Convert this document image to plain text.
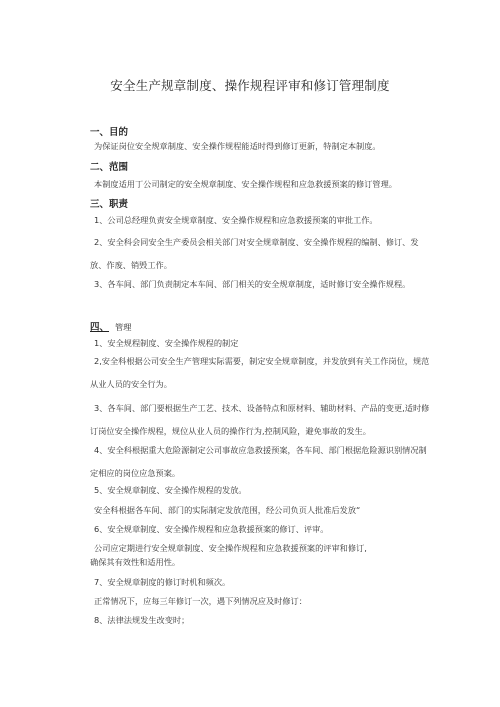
安全生产规章制度、操作规程评审和修订管理制度
一、目的
为保证岗位安全规章制度、安全操作规程能适时得到修订更新，特制定本制度。
二、范围
本制度适用丁公司制定的安全规章制度、安全操作规程和应急救援预案的修订管理。
三、职责
1、公司总经理负责安全规章制度、安全操作规程和应急救援预案的审批工作。
2、安全科会同安全生产委员会相关部门对安全规章制度、安全操作规程的编制、修订、发放、作废、销毁工作。
3、各车间、部门负责制定本车间、部门相关的安全规章制度，适时修订安全操作规程。
四、 管理
1、安全规程制度、安全操作规程的制定
2,安全科根据公司安全生产管理实际需要，制定安全规章制度，并发放到有关工作岗位，规范从业人员的安全行为。
3、各车间、部门要根据生产工艺、技术、设备特点和原材料、辅助材料、产品的变更,适时修订岗位安全操作规程，规位从业人员的操作行为,控制风险，避免事故的发生。
4、安全科根据重大危险源制定公司事故应急救援预案，各车间、部门根据危险源识别情况制定相应的岗位应急预案。
5、安全规章制度、安全操作规程的发放。
安全科根据各车间、部门的实际制定发放范围，经公司负页人批准后发放“
6、安全规章制度、安全操作规程和应急救援预案的修订、评审。
公司应定期进行安全规章制度、安全操作规程和应急救援预案的评审和修订,
确保其有效性和适用性。
7、安全规章制度的修订时机和频次。
正常情况下，应每三年修订一次，遇下列情况应及时修订：
8、法律法规发生改变时；
